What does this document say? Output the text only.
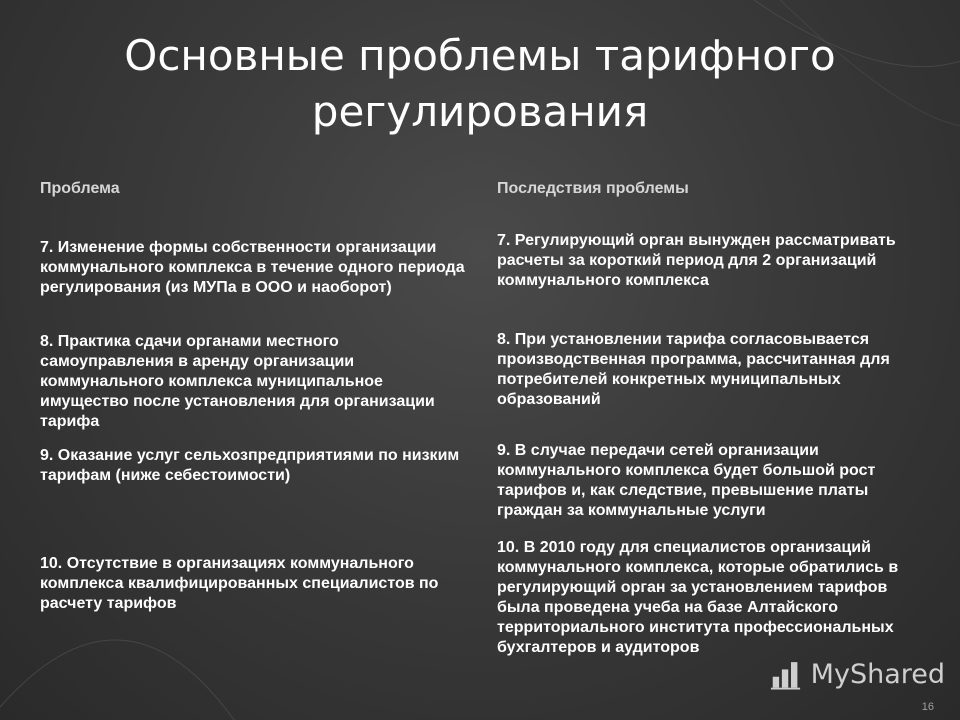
Основные проблемы тарифного регулирования
Проблема	Последствия проблемы
7. Изменение формы собственности организации коммунального комплекса в течение одного периода регулирования (из МУПа в ООО и наоборот)
7. Регулирующий орган вынужден рассматривать расчеты за короткий период для 2 организаций коммунального комплекса
8. Практика сдачи органами местного самоуправления в аренду организации коммунального комплекса муниципальное имущество после установления для организации тарифа
8. При установлении тарифа согласовывается производственная программа, рассчитанная для потребителей конкретных муниципальных образований
9. Оказание услуг сельхозпредприятиями по низким тарифам (ниже себестоимости)
9. В случае передачи сетей организации коммунального комплекса будет большой рост тарифов и, как следствие, превышение платы граждан за коммунальные услуги
10. Отсутствие в организациях коммунального комплекса квалифицированных специалистов по расчету тарифов
10. В 2010 году для специалистов организаций коммунального комплекса, которые обратились в регулирующий орган за установлением тарифов была проведена учеба на базе Алтайского территориального института профессиональных бухгалтеров и аудиторов
MyShared
16
